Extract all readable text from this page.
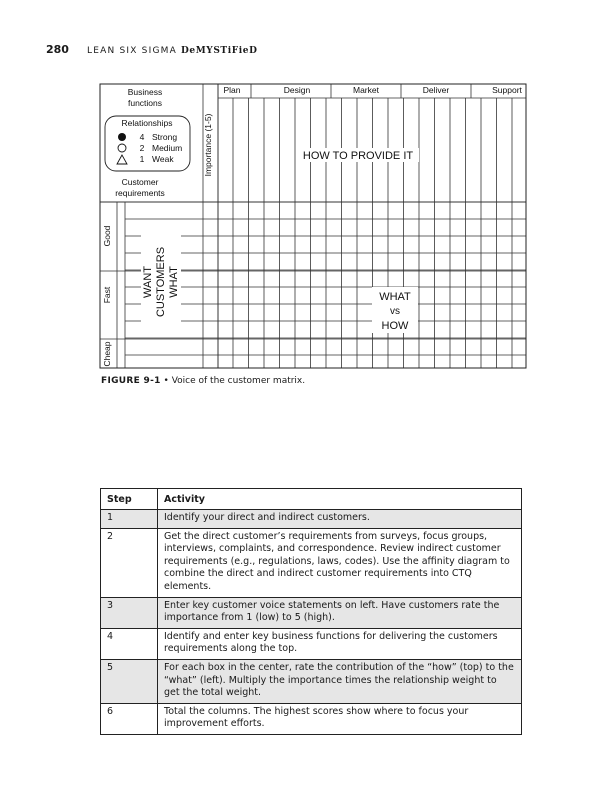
280 LEAN SIX SIGMA DeMYSTiFieD
Business
functions
Relationships
4 Strong
2 Medium
1 Weak
Customer
requirements
Importance (1-5)
Plan	Design	Market	Deliver	Support
HOW TO PROVIDE IT
Good
Fast
Cheap
WANT CUSTOMERS WHAT	WHAT
vs
HOW
FIGURE 9-1 • Voice of the customer matrix.
Step	Activity
1	Identify your direct and indirect customers.
2	Get the direct customer’s requirements from surveys, focus groups, interviews, complaints, and correspondence. Review indirect customer requirements (e.g., regulations, laws, codes). Use the affinity diagram to combine the direct and indirect customer requirements into CTQ elements.
3	Enter key customer voice statements on left. Have customers rate the importance from 1 (low) to 5 (high).
4	Identify and enter key business functions for delivering the customers requirements along the top.
5	For each box in the center, rate the contribution of the “how” (top) to the “what” (left). Multiply the importance times the relationship weight to get the total weight.
6	Total the columns. The highest scores show where to focus your improvement efforts.
